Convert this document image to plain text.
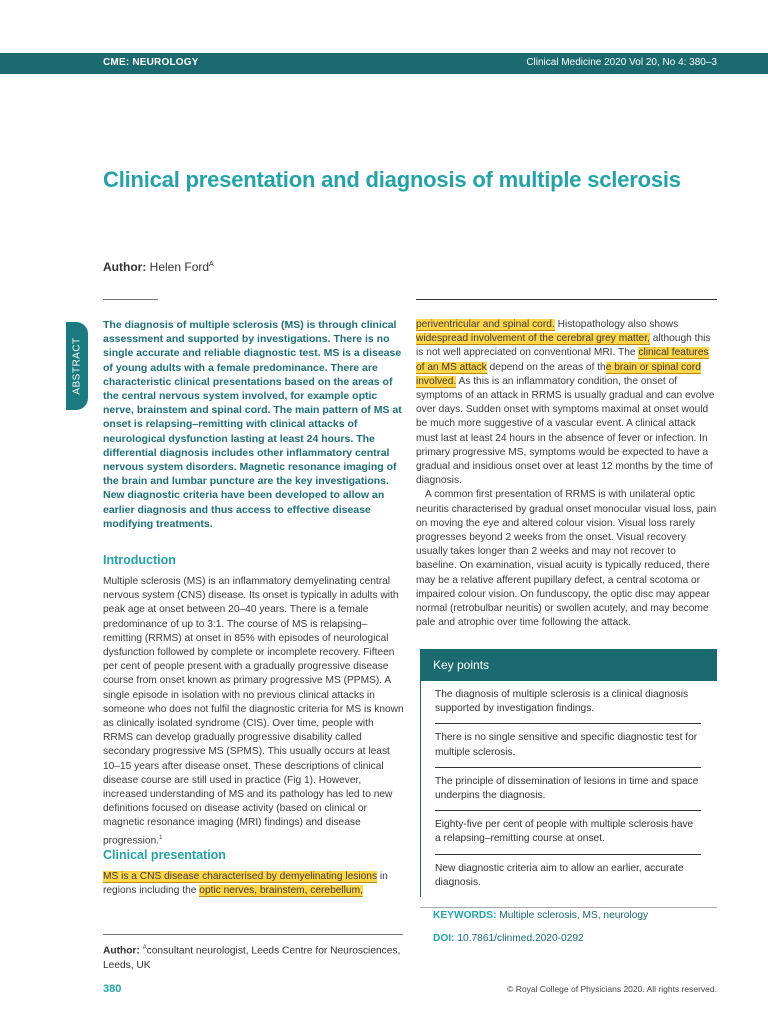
CME: NEUROLOGY	Clinical Medicine 2020 Vol 20, No 4: 380–3
Clinical presentation and diagnosis of multiple sclerosis
Author: Helen Ford$^A$
ABSTRACT

The diagnosis of multiple sclerosis (MS) is through clinical assessment and supported by investigations. There is no single accurate and reliable diagnostic test. MS is a disease of young adults with a female predominance. There are characteristic clinical presentations based on the areas of the central nervous system involved, for example optic nerve, brainstem and spinal cord. The main pattern of MS at onset is relapsing–remitting with clinical attacks of neurological dysfunction lasting at least 24 hours. The differential diagnosis includes other inflammatory central nervous system disorders. Magnetic resonance imaging of the brain and lumbar puncture are the key investigations. New diagnostic criteria have been developed to allow an earlier diagnosis and thus access to effective disease modifying treatments.

Introduction
Multiple sclerosis (MS) is an inflammatory demyelinating central nervous system (CNS) disease. Its onset is typically in adults with peak age at onset between 20–40 years. There is a female predominance of up to 3:1. The course of MS is relapsing–remitting (RRMS) at onset in 85% with episodes of neurological dysfunction followed by complete or incomplete recovery. Fifteen per cent of people present with a gradually progressive disease course from onset known as primary progressive MS (PPMS). A single episode in isolation with no previous clinical attacks in someone who does not fulfil the diagnostic criteria for MS is known as clinically isolated syndrome (CIS). Over time, people with RRMS can develop gradually progressive disability called secondary progressive MS (SPMS). This usually occurs at least 10–15 years after disease onset. These descriptions of clinical disease course are still used in practice (Fig 1). However, increased understanding of MS and its pathology has led to new definitions focused on disease activity (based on clinical or magnetic resonance imaging (MRI) findings) and disease progression.$^1$
Clinical presentation
MS is a CNS disease characterised by demyelinating lesions in regions including the optic nerves, brainstem, cerebellum,
Author: $^A$consultant neurologist, Leeds Centre for Neurosciences, Leeds, UK

periventricular and spinal cord. Histopathology also shows widespread involvement of the cerebral grey matter, although this is not well appreciated on conventional MRI. The clinical features of an MS attack depend on the areas of the brain or spinal cord involved. As this is an inflammatory condition, the onset of symptoms of an attack in RRMS is usually gradual and can evolve over days. Sudden onset with symptoms maximal at onset would be much more suggestive of a vascular event. A clinical attack must last at least 24 hours in the absence of fever or infection. In primary progressive MS, symptoms would be expected to have a gradual and insidious onset over at least 12 months by the time of diagnosis.

A common first presentation of RRMS is with unilateral optic neuritis characterised by gradual onset monocular visual loss, pain on moving the eye and altered colour vision. Visual loss rarely progresses beyond 2 weeks from the onset. Visual recovery usually takes longer than 2 weeks and may not recover to baseline. On examination, visual acuity is typically reduced, there may be a relative afferent pupillary defect, a central scotoma or impaired colour vision. On funduscopy, the optic disc may appear normal (retrobulbar neuritis) or swollen acutely, and may become pale and atrophic over time following the attack.

Key points

The diagnosis of multiple sclerosis is a clinical diagnosis supported by investigation findings.

There is no single sensitive and specific diagnostic test for multiple sclerosis.

The principle of dissemination of lesions in time and space underpins the diagnosis.

Eighty-five per cent of people with multiple sclerosis have a relapsing–remitting course at onset.

New diagnostic criteria aim to allow an earlier, accurate diagnosis.

KEYWORDS: Multiple sclerosis, MS, neurology
DOI: 10.7861/clinmed.2020-0292
380	© Royal College of Physicians 2020. All rights reserved.
